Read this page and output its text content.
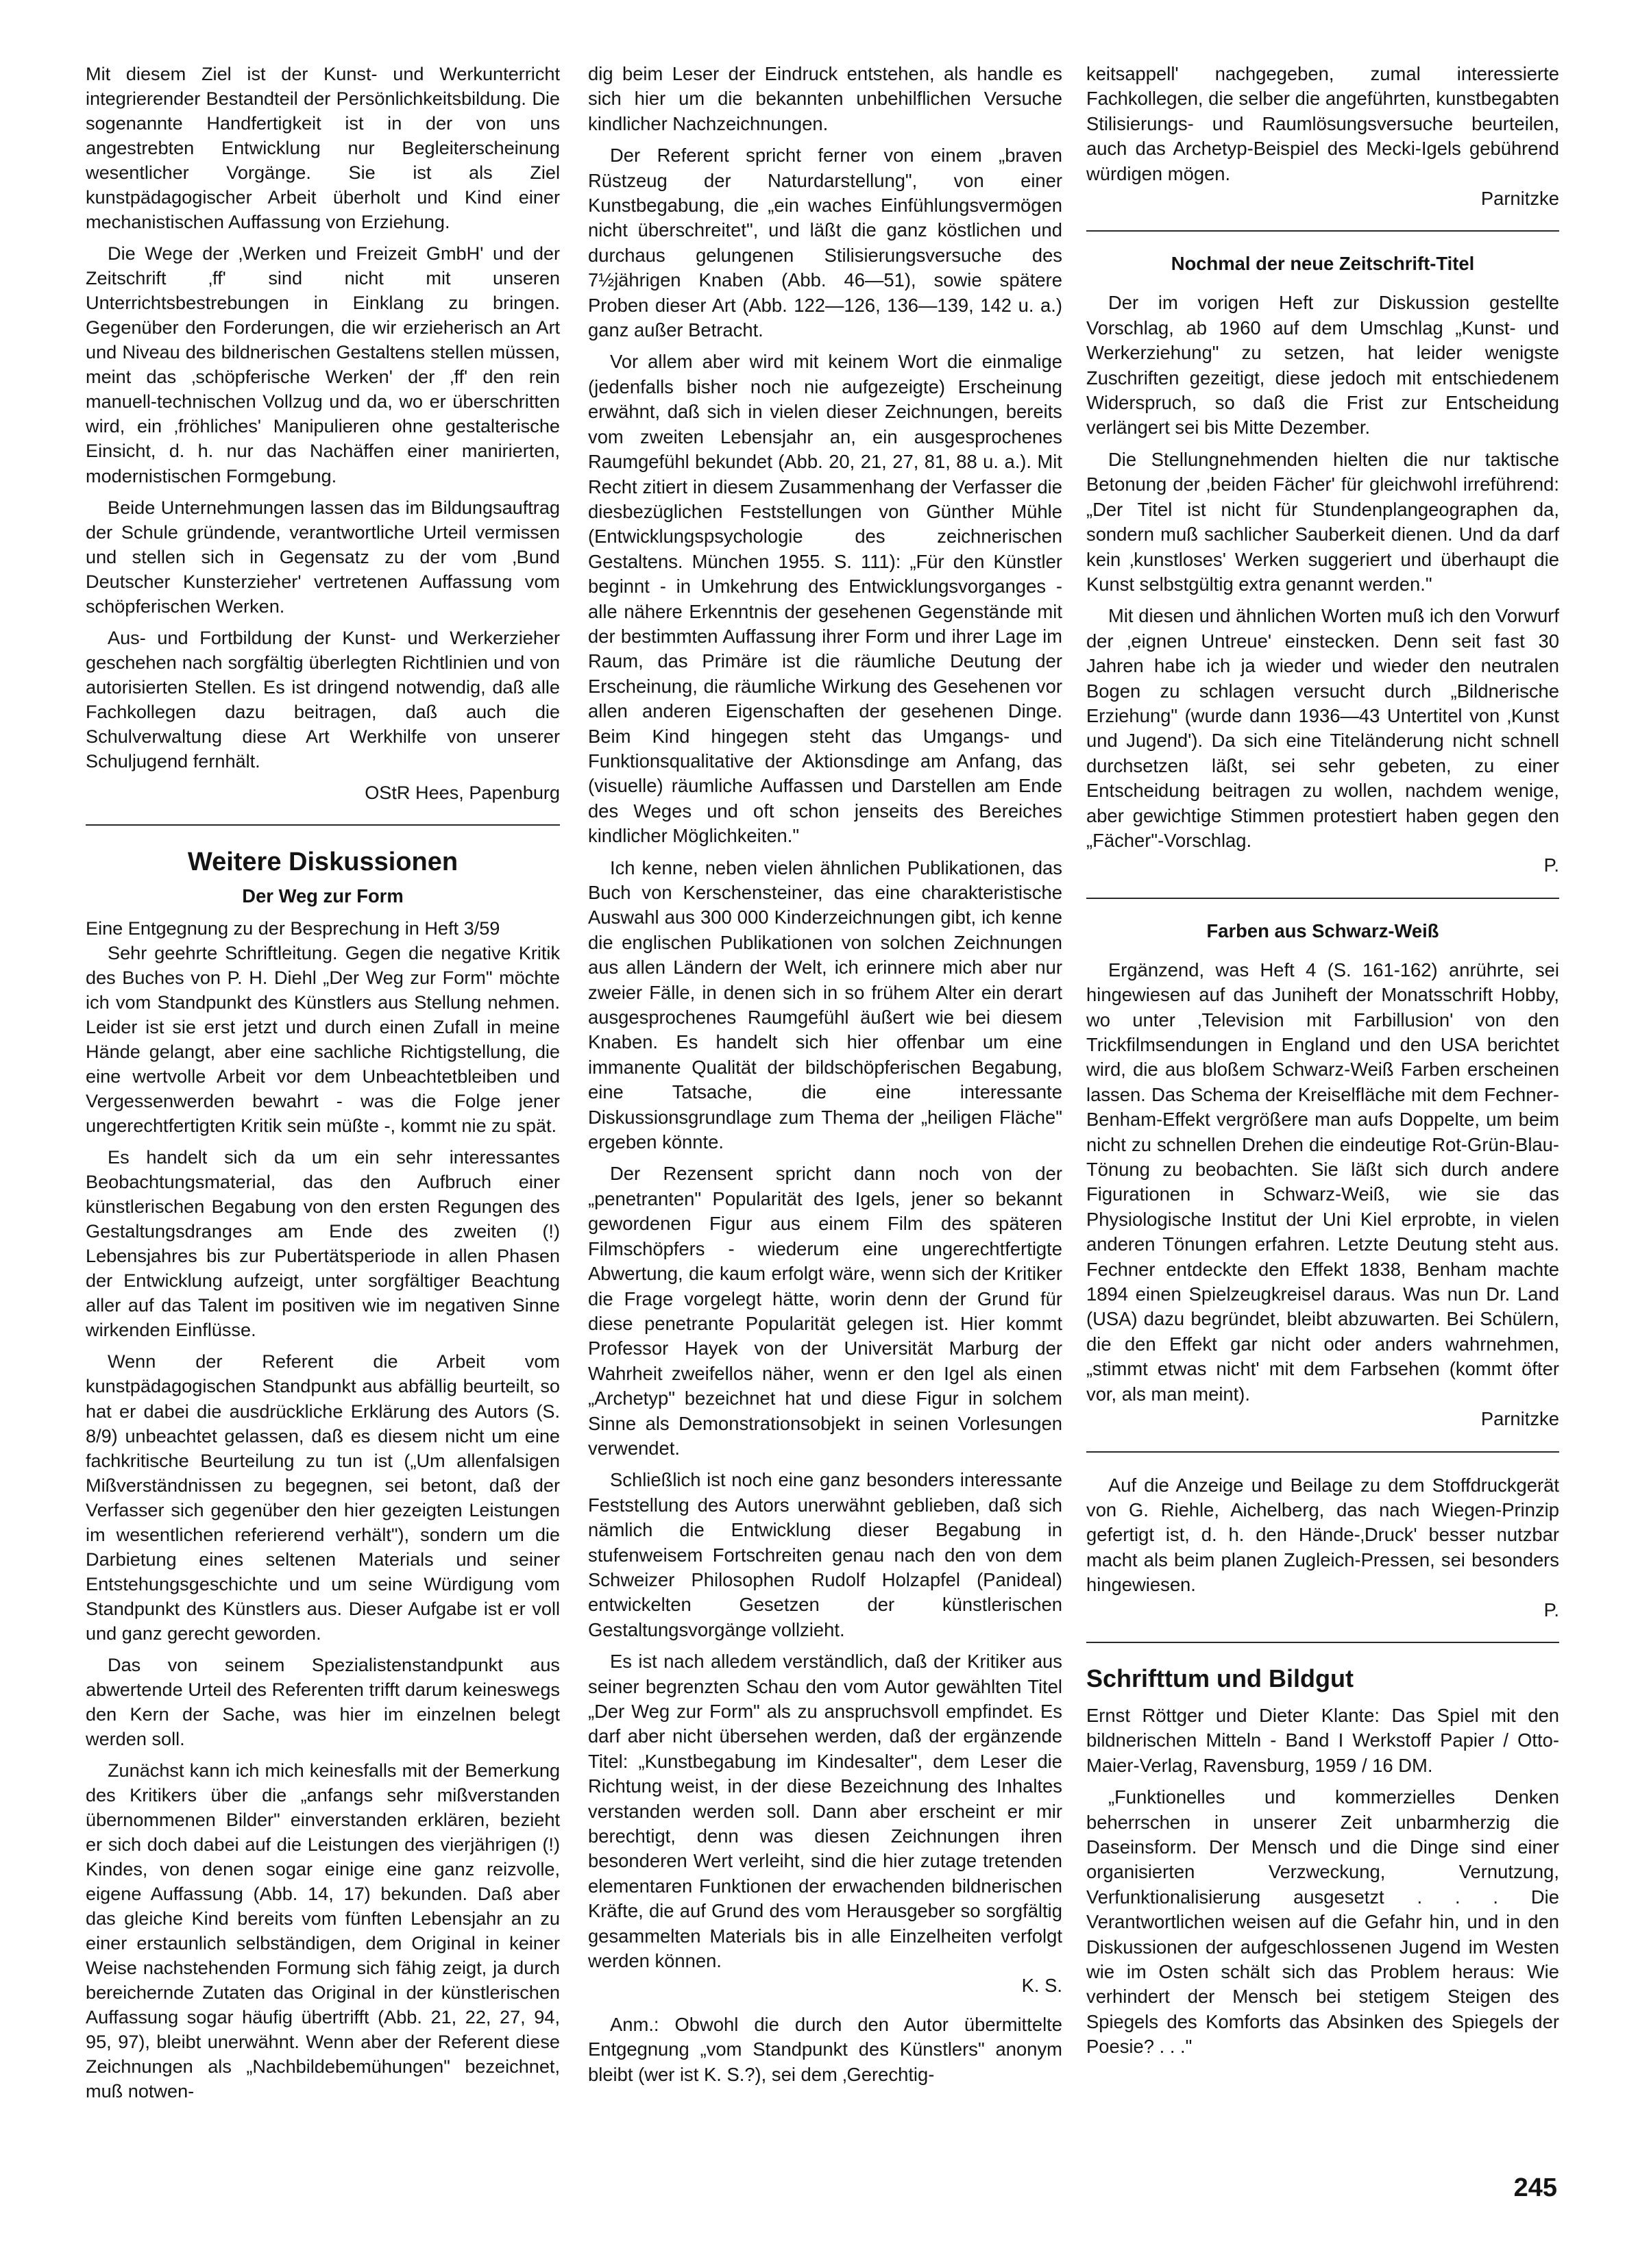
Mit diesem Ziel ist der Kunst- und Werkunterricht integrierender Bestandteil der Persönlichkeitsbildung. Die sogenannte Handfertigkeit ist in der von uns angestrebten Entwicklung nur Begleiterscheinung wesentlicher Vorgänge. Sie ist als Ziel kunstpädagogischer Arbeit überholt und Kind einer mechanistischen Auffassung von Erziehung.

Die Wege der ‚Werken und Freizeit GmbH' und der Zeitschrift ‚ff' sind nicht mit unseren Unterrichtsbestrebungen in Einklang zu bringen. Gegenüber den Forderungen, die wir erzieherisch an Art und Niveau des bildnerischen Gestaltens stellen müssen, meint das ‚schöpferische Werken' der ‚ff' den rein manuell-technischen Vollzug und da, wo er überschritten wird, ein ‚fröhliches' Manipulieren ohne gestalterische Einsicht, d. h. nur das Nachäffen einer manirierten, modernistischen Formgebung.

Beide Unternehmungen lassen das im Bildungsauftrag der Schule gründende, verantwortliche Urteil vermissen und stellen sich in Gegensatz zu der vom ‚Bund Deutscher Kunsterzieher' vertretenen Auffassung vom schöpferischen Werken.

Aus- und Fortbildung der Kunst- und Werkerzieher geschehen nach sorgfältig überlegten Richtlinien und von autorisierten Stellen. Es ist dringend notwendig, daß alle Fachkollegen dazu beitragen, daß auch die Schulverwaltung diese Art Werkhilfe von unserer Schuljugend fernhält.

OStR Hees, Papenburg

Weitere Diskussionen
Der Weg zur Form

Eine Entgegnung zu der Besprechung in Heft 3/59

Sehr geehrte Schriftleitung. Gegen die negative Kritik des Buches von P. H. Diehl „Der Weg zur Form" möchte ich vom Standpunkt des Künstlers aus Stellung nehmen. Leider ist sie erst jetzt und durch einen Zufall in meine Hände gelangt, aber eine sachliche Richtigstellung, die eine wertvolle Arbeit vor dem Unbeachtetbleiben und Vergessenwerden bewahrt - was die Folge jener ungerechtfertigten Kritik sein müßte -, kommt nie zu spät.

Es handelt sich da um ein sehr interessantes Beobachtungsmaterial, das den Aufbruch einer künstlerischen Begabung von den ersten Regungen des Gestaltungsdranges am Ende des zweiten (!) Lebensjahres bis zur Pubertätsperiode in allen Phasen der Entwicklung aufzeigt, unter sorgfältiger Beachtung aller auf das Talent im positiven wie im negativen Sinne wirkenden Einflüsse.

Wenn der Referent die Arbeit vom kunstpädagogischen Standpunkt aus abfällig beurteilt, so hat er dabei die ausdrückliche Erklärung des Autors (S. 8/9) unbeachtet gelassen, daß es diesem nicht um eine fachkritische Beurteilung zu tun ist („Um allenfalsigen Mißverständnissen zu begegnen, sei betont, daß der Verfasser sich gegenüber den hier gezeigten Leistungen im wesentlichen referierend verhält"), sondern um die Darbietung eines seltenen Materials und seiner Entstehungsgeschichte und um seine Würdigung vom Standpunkt des Künstlers aus. Dieser Aufgabe ist er voll und ganz gerecht geworden.

Das von seinem Spezialistenstandpunkt aus abwertende Urteil des Referenten trifft darum keineswegs den Kern der Sache, was hier im einzelnen belegt werden soll.

Zunächst kann ich mich keinesfalls mit der Bemerkung des Kritikers über die „anfangs sehr mißverstanden übernommenen Bilder" einverstanden erklären, bezieht er sich doch dabei auf die Leistungen des vierjährigen (!) Kindes, von denen sogar einige eine ganz reizvolle, eigene Auffassung (Abb. 14, 17) bekunden. Daß aber das gleiche Kind bereits vom fünften Lebensjahr an zu einer erstaunlich selbständigen, dem Original in keiner Weise nachstehenden Formung sich fähig zeigt, ja durch bereichernde Zutaten das Original in der künstlerischen Auffassung sogar häufig übertrifft (Abb. 21, 22, 27, 94, 95, 97), bleibt unerwähnt. Wenn aber der Referent diese Zeichnungen als „Nachbildebemühungen" bezeichnet, muß notwen-

dig beim Leser der Eindruck entstehen, als handle es sich hier um die bekannten unbehilflichen Versuche kindlicher Nachzeichnungen.

Der Referent spricht ferner von einem „braven Rüstzeug der Naturdarstellung", von einer Kunstbegabung, die „ein waches Einfühlungsvermögen nicht überschreitet", und läßt die ganz köstlichen und durchaus gelungenen Stilisierungsversuche des 7½jährigen Knaben (Abb. 46—51), sowie spätere Proben dieser Art (Abb. 122—126, 136—139, 142 u. a.) ganz außer Betracht.

Vor allem aber wird mit keinem Wort die einmalige (jedenfalls bisher noch nie aufgezeigte) Erscheinung erwähnt, daß sich in vielen dieser Zeichnungen, bereits vom zweiten Lebensjahr an, ein ausgesprochenes Raumgefühl bekundet (Abb. 20, 21, 27, 81, 88 u. a.). Mit Recht zitiert in diesem Zusammenhang der Verfasser die diesbezüglichen Feststellungen von Günther Mühle (Entwicklungspsychologie des zeichnerischen Gestaltens. München 1955. S. 111): „Für den Künstler beginnt - in Umkehrung des Entwicklungsvorganges - alle nähere Erkenntnis der gesehenen Gegenstände mit der bestimmten Auffassung ihrer Form und ihrer Lage im Raum, das Primäre ist die räumliche Deutung der Erscheinung, die räumliche Wirkung des Gesehenen vor allen anderen Eigenschaften der gesehenen Dinge. Beim Kind hingegen steht das Umgangs- und Funktionsqualitative der Aktionsdinge am Anfang, das (visuelle) räumliche Auffassen und Darstellen am Ende des Weges und oft schon jenseits des Bereiches kindlicher Möglichkeiten."

Ich kenne, neben vielen ähnlichen Publikationen, das Buch von Kerschensteiner, das eine charakteristische Auswahl aus 300 000 Kinderzeichnungen gibt, ich kenne die englischen Publikationen von solchen Zeichnungen aus allen Ländern der Welt, ich erinnere mich aber nur zweier Fälle, in denen sich in so frühem Alter ein derart ausgesprochenes Raumgefühl äußert wie bei diesem Knaben. Es handelt sich hier offenbar um eine immanente Qualität der bildschöpferischen Begabung, eine Tatsache, die eine interessante Diskussionsgrundlage zum Thema der „heiligen Fläche" ergeben könnte.

Der Rezensent spricht dann noch von der „penetranten" Popularität des Igels, jener so bekannt gewordenen Figur aus einem Film des späteren Filmschöpfers - wiederum eine ungerechtfertigte Abwertung, die kaum erfolgt wäre, wenn sich der Kritiker die Frage vorgelegt hätte, worin denn der Grund für diese penetrante Popularität gelegen ist. Hier kommt Professor Hayek von der Universität Marburg der Wahrheit zweifellos näher, wenn er den Igel als einen „Archetyp" bezeichnet hat und diese Figur in solchem Sinne als Demonstrationsobjekt in seinen Vorlesungen verwendet.

Schließlich ist noch eine ganz besonders interessante Feststellung des Autors unerwähnt geblieben, daß sich nämlich die Entwicklung dieser Begabung in stufenweisem Fortschreiten genau nach den von dem Schweizer Philosophen Rudolf Holzapfel (Panideal) entwickelten Gesetzen der künstlerischen Gestaltungsvorgänge vollzieht.

Es ist nach alledem verständlich, daß der Kritiker aus seiner begrenzten Schau den vom Autor gewählten Titel „Der Weg zur Form" als zu anspruchsvoll empfindet. Es darf aber nicht übersehen werden, daß der ergänzende Titel: „Kunstbegabung im Kindesalter", dem Leser die Richtung weist, in der diese Bezeichnung des Inhaltes verstanden werden soll. Dann aber erscheint er mir berechtigt, denn was diesen Zeichnungen ihren besonderen Wert verleiht, sind die hier zutage tretenden elementaren Funktionen der erwachenden bildnerischen Kräfte, die auf Grund des vom Herausgeber so sorgfältig gesammelten Materials bis in alle Einzelheiten verfolgt werden können.

K. S.

Anm.: Obwohl die durch den Autor übermittelte Entgegnung „vom Standpunkt des Künstlers" anonym bleibt (wer ist K. S.?), sei dem ‚Gerechtig-

keitsappell' nachgegeben, zumal interessierte Fachkollegen, die selber die angeführten, kunstbegabten Stilisierungs- und Raumlösungsversuche beurteilen, auch das Archetyp-Beispiel des Mecki-Igels gebührend würdigen mögen.

Parnitzke

Nochmal der neue Zeitschrift-Titel

Der im vorigen Heft zur Diskussion gestellte Vorschlag, ab 1960 auf dem Umschlag „Kunst- und Werkerziehung" zu setzen, hat leider wenigste Zuschriften gezeitigt, diese jedoch mit entschiedenem Widerspruch, so daß die Frist zur Entscheidung verlängert sei bis Mitte Dezember.

Die Stellungnehmenden hielten die nur taktische Betonung der ‚beiden Fächer' für gleichwohl irreführend: „Der Titel ist nicht für Stundenplangeographen da, sondern muß sachlicher Sauberkeit dienen. Und da darf kein ‚kunstloses' Werken suggeriert und überhaupt die Kunst selbstgültig extra genannt werden."

Mit diesen und ähnlichen Worten muß ich den Vorwurf der ‚eignen Untreue' einstecken. Denn seit fast 30 Jahren habe ich ja wieder und wieder den neutralen Bogen zu schlagen versucht durch „Bildnerische Erziehung" (wurde dann 1936—43 Untertitel von ‚Kunst und Jugend'). Da sich eine Titeländerung nicht schnell durchsetzen läßt, sei sehr gebeten, zu einer Entscheidung beitragen zu wollen, nachdem wenige, aber gewichtige Stimmen protestiert haben gegen den „Fächer"-Vorschlag.

P.

Farben aus Schwarz-Weiß

Ergänzend, was Heft 4 (S. 161-162) anrührte, sei hingewiesen auf das Juniheft der Monatsschrift Hobby, wo unter ‚Television mit Farbillusion' von den Trickfilmsendungen in England und den USA berichtet wird, die aus bloßem Schwarz-Weiß Farben erscheinen lassen. Das Schema der Kreiselfläche mit dem Fechner-Benham-Effekt vergrößere man aufs Doppelte, um beim nicht zu schnellen Drehen die eindeutige Rot-Grün-Blau-Tönung zu beobachten. Sie läßt sich durch andere Figurationen in Schwarz-Weiß, wie sie das Physiologische Institut der Uni Kiel erprobte, in vielen anderen Tönungen erfahren. Letzte Deutung steht aus. Fechner entdeckte den Effekt 1838, Benham machte 1894 einen Spielzeugkreisel daraus. Was nun Dr. Land (USA) dazu begründet, bleibt abzuwarten. Bei Schülern, die den Effekt gar nicht oder anders wahrnehmen, „stimmt etwas nicht' mit dem Farbsehen (kommt öfter vor, als man meint).

Parnitzke

Auf die Anzeige und Beilage zu dem Stoffdruckgerät von G. Riehle, Aichelberg, das nach Wiegen-Prinzip gefertigt ist, d. h. den Hände-‚Druck' besser nutzbar macht als beim planen Zugleich-Pressen, sei besonders hingewiesen.

P.

Schrifttum und Bildgut

Ernst Röttger und Dieter Klante: Das Spiel mit den bildnerischen Mitteln - Band I Werkstoff Papier / Otto-Maier-Verlag, Ravensburg, 1959 / 16 DM.

„Funktionelles und kommerzielles Denken beherrschen in unserer Zeit unbarmherzig die Daseinsform. Der Mensch und die Dinge sind einer organisierten Verzweckung, Vernutzung, Verfunktionalisierung ausgesetzt . . . Die Verantwortlichen weisen auf die Gefahr hin, und in den Diskussionen der aufgeschlossenen Jugend im Westen wie im Osten schält sich das Problem heraus: Wie verhindert der Mensch bei stetigem Steigen des Spiegels des Komforts das Absinken des Spiegels der Poesie? . . ."

245
